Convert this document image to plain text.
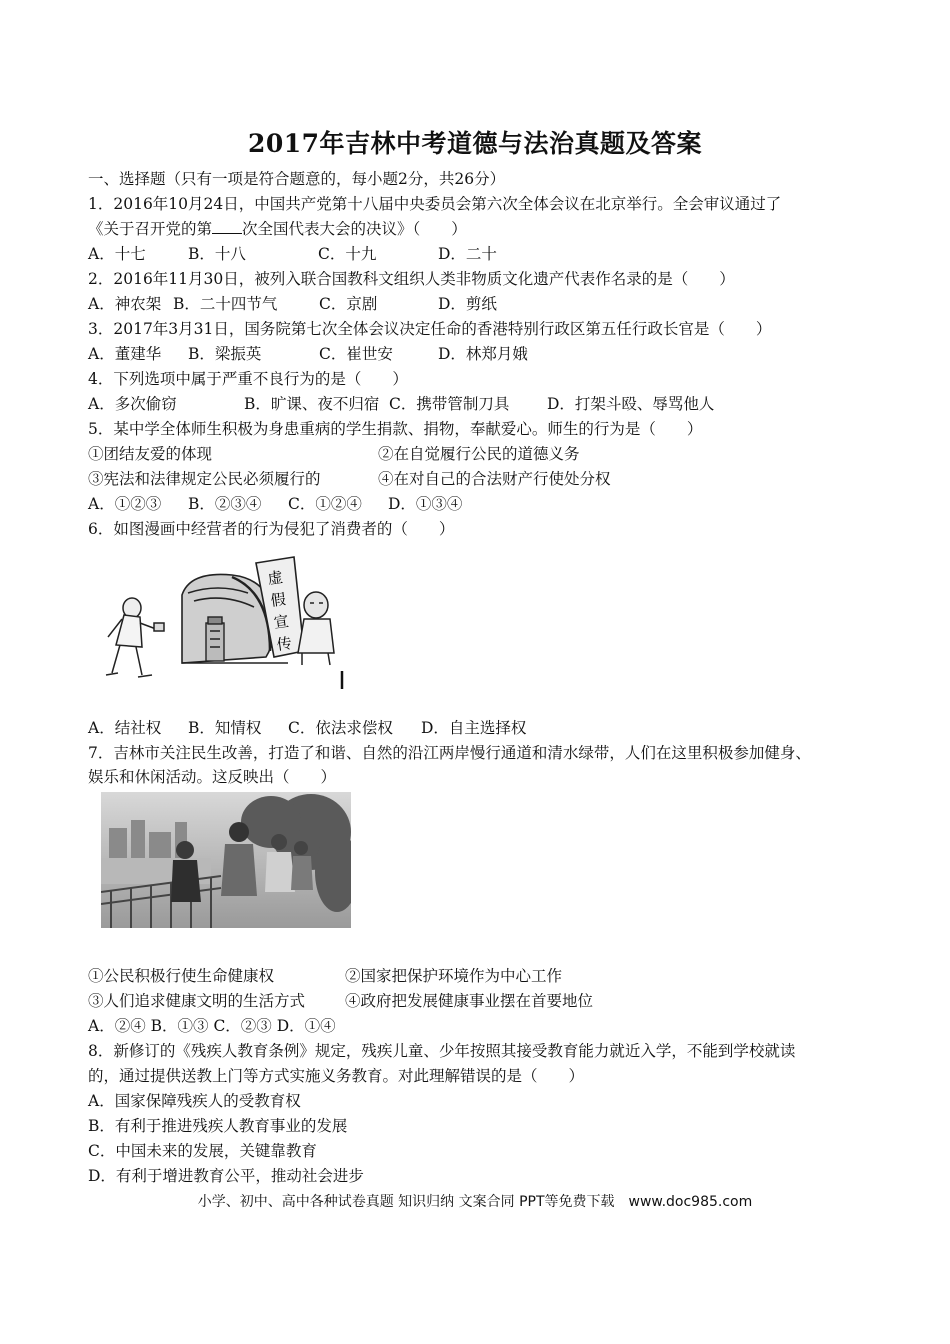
2017年吉林中考道德与法治真题及答案
一、选择题（只有一项是符合题意的，每小题2分，共26分）
1．2016年10月24日，中国共产党第十八届中央委员会第六次全体会议在北京举行。全会审议通过了
《关于召开党的第 次全国代表大会的决议》（　　）
A．十七	B．十八	C．十九	D．二十
2．2016年11月30日，被列入联合国教科文组织人类非物质文化遗产代表作名录的是（　　）
A．神农架 B．二十四节气	C．京剧	D．剪纸
3．2017年3月31日，国务院第七次全体会议决定任命的香港特别行政区第五任行政长官是（　　）
A．董建华 B．梁振英	C．崔世安	D．林郑月娥
4．下列选项中属于严重不良行为的是（　　）
A．多次偷窃	B．旷课、夜不归宿 C．携带管制刀具 D．打架斗殴、辱骂他人
5．某中学全体师生积极为身患重病的学生捐款、捐物，奉献爱心。师生的行为是（　　）
①团结友爱的体现	②在自觉履行公民的道德义务
③宪法和法律规定公民必须履行的	④在对自己的合法财产行使处分权
A．①②③ B．②③④ C．①②④ D．①③④
6．如图漫画中经营者的行为侵犯了消费者的（　　）
虚
假
宣
传
A．结社权 B．知情权 C．依法求偿权 D．自主选择权
7．吉林市关注民生改善，打造了和谐、自然的沿江两岸慢行通道和清水绿带，人们在这里积极参加健身、
娱乐和休闲活动。这反映出（　　）
①公民积极行使生命健康权	②国家把保护环境作为中心工作
③人们追求健康文明的生活方式	④政府把发展健康事业摆在首要地位
A．②④ B．①③ C．②③ D．①④
8．新修订的《残疾人教育条例》规定，残疾儿童、少年按照其接受教育能力就近入学，不能到学校就读
的，通过提供送教上门等方式实施义务教育。对此理解错误的是（　　）
A．国家保障残疾人的受教育权
B．有利于推进残疾人教育事业的发展
C．中国未来的发展，关键靠教育
D．有利于增进教育公平，推动社会进步
小学、初中、高中各种试卷真题 知识归纳 文案合同 PPT等免费下载　www.doc985.com
